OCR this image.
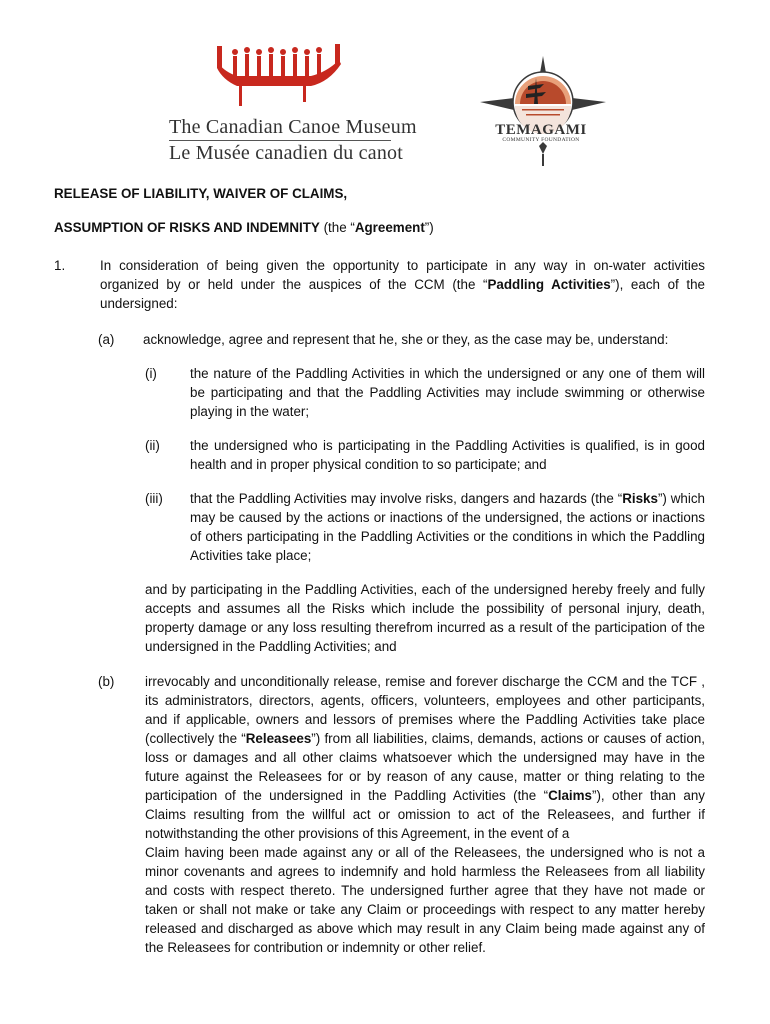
The Canadian Canoe Museum
Le Musée canadien du canot
TEMAGAMI
COMMUNITY FOUNDATION
RELEASE OF LIABILITY, WAIVER OF CLAIMS,
ASSUMPTION OF RISKS AND INDEMNITY (the “Agreement”)
1.	In consideration of being given the opportunity to participate in any way in on-water activities organized by or held under the auspices of the CCM (the “Paddling Activities”), each of the undersigned:
(a) acknowledge, agree and represent that he, she or they, as the case may be, understand:
(i) the nature of the Paddling Activities in which the undersigned or any one of them will be participating and that the Paddling Activities may include swimming or otherwise playing in the water;
(ii) the undersigned who is participating in the Paddling Activities is qualified, is in good health and in proper physical condition to so participate; and
(iii) that the Paddling Activities may involve risks, dangers and hazards (the “Risks”) which may be caused by the actions or inactions of the undersigned, the actions or inactions of others participating in the Paddling Activities or the conditions in which the Paddling Activities take place;
and by participating in the Paddling Activities, each of the undersigned hereby freely and fully accepts and assumes all the Risks which include the possibility of personal injury, death, property damage or any loss resulting therefrom incurred as a result of the participation of the undersigned in the Paddling Activities; and
(b) irrevocably and unconditionally release, remise and forever discharge the CCM and the TCF , its administrators, directors, agents, officers, volunteers, employees and other participants, and if applicable, owners and lessors of premises where the Paddling Activities take place (collectively the “Releasees”) from all liabilities, claims, demands, actions or causes of action, loss or damages and all other claims whatsoever which the undersigned may have in the future against the Releasees for or by reason of any cause, matter or thing relating to the participation of the undersigned in the Paddling Activities (the “Claims”), other than any Claims resulting from the willful act or omission to act of the Releasees, and further if notwithstanding the other provisions of this Agreement, in the event of a
Claim having been made against any or all of the Releasees, the undersigned who is not a minor covenants and agrees to indemnify and hold harmless the Releasees from all liability and costs with respect thereto. The undersigned further agree that they have not made or taken or shall not make or take any Claim or proceedings with respect to any matter hereby released and discharged as above which may result in any Claim being made against any of the Releasees for contribution or indemnity or other relief.
